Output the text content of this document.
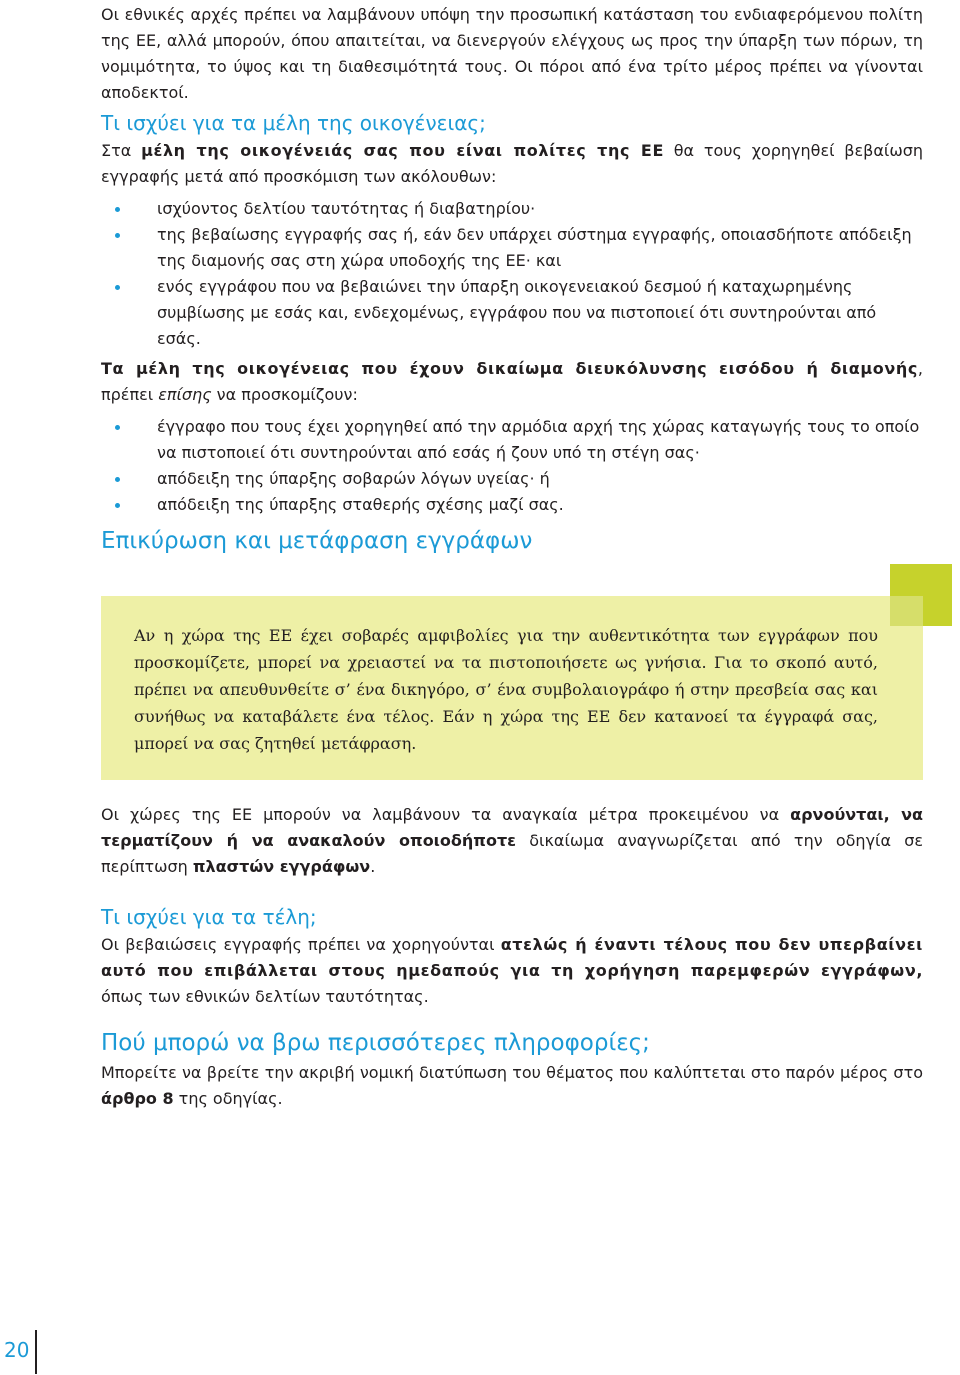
Οι εθνικές αρχές πρέπει να λαμβάνουν υπόψη την προσωπική κατάσταση του ενδιαφερόμενου πολίτη της ΕΕ, αλλά μπορούν, όπου απαιτείται, να διενεργούν ελέγχους ως προς την ύπαρξη των πόρων, τη νομιμότητα, το ύψος και τη διαθεσιμότητά τους. Οι πόροι από ένα τρίτο μέρος πρέπει να γίνονται αποδεκτοί.

Τι ισχύει για τα μέλη της οικογένειας;

Στα μέλη της οικογένειάς σας που είναι πολίτες της ΕΕ θα τους χορηγηθεί βεβαίωση εγγραφής μετά από προσκόμιση των ακόλουθων:

ισχύοντος δελτίου ταυτότητας ή διαβατηρίου·
της βεβαίωσης εγγραφής σας ή, εάν δεν υπάρχει σύστημα εγγραφής, οποιασδήποτε απόδειξη της διαμονής σας στη χώρα υποδοχής της ΕΕ· και
ενός εγγράφου που να βεβαιώνει την ύπαρξη οικογενειακού δεσμού ή καταχωρημένης συμβίωσης με εσάς και, ενδεχομένως, εγγράφου που να πιστοποιεί ότι συντηρούνται από εσάς.

Τα μέλη της οικογένειας που έχουν δικαίωμα διευκόλυνσης εισόδου ή διαμονής, πρέπει επίσης να προσκομίζουν:

έγγραφο που τους έχει χορηγηθεί από την αρμόδια αρχή της χώρας καταγωγής τους το οποίο να πιστοποιεί ότι συντηρούνται από εσάς ή ζουν υπό τη στέγη σας·
απόδειξη της ύπαρξης σοβαρών λόγων υγείας· ή
απόδειξη της ύπαρξης σταθερής σχέσης μαζί σας.
Επικύρωση και μετάφραση εγγράφων

Αν η χώρα της ΕΕ έχει σοβαρές αμφιβολίες για την αυθεντικότητα των εγγράφων που προσκομίζετε, μπορεί να χρειαστεί να τα πιστοποιήσετε ως γνήσια. Για το σκοπό αυτό, πρέπει να απευθυνθείτε σ’ ένα δικηγόρο, σ’ ένα συμβολαιογράφο ή στην πρεσβεία σας και συνήθως να καταβάλετε ένα τέλος. Εάν η χώρα της ΕΕ δεν κατανοεί τα έγγραφά σας, μπορεί να σας ζητηθεί μετάφραση.

Οι χώρες της ΕΕ μπορούν να λαμβάνουν τα αναγκαία μέτρα προκειμένου να αρνούνται, να τερματίζουν ή να ανακαλούν οποιοδήποτε δικαίωμα αναγνωρίζεται από την οδηγία σε περίπτωση πλαστών εγγράφων.

Τι ισχύει για τα τέλη;

Οι βεβαιώσεις εγγραφής πρέπει να χορηγούνται ατελώς ή έναντι τέλους που δεν υπερβαίνει αυτό που επιβάλλεται στους ημεδαπούς για τη χορήγηση παρεμφερών εγγράφων, όπως των εθνικών δελτίων ταυτότητας.

Πού μπορώ να βρω περισσότερες πληροφορίες;

Μπορείτε να βρείτε την ακριβή νομική διατύπωση του θέματος που καλύπτεται στο παρόν μέρος στο άρθρο 8 της οδηγίας.

20
